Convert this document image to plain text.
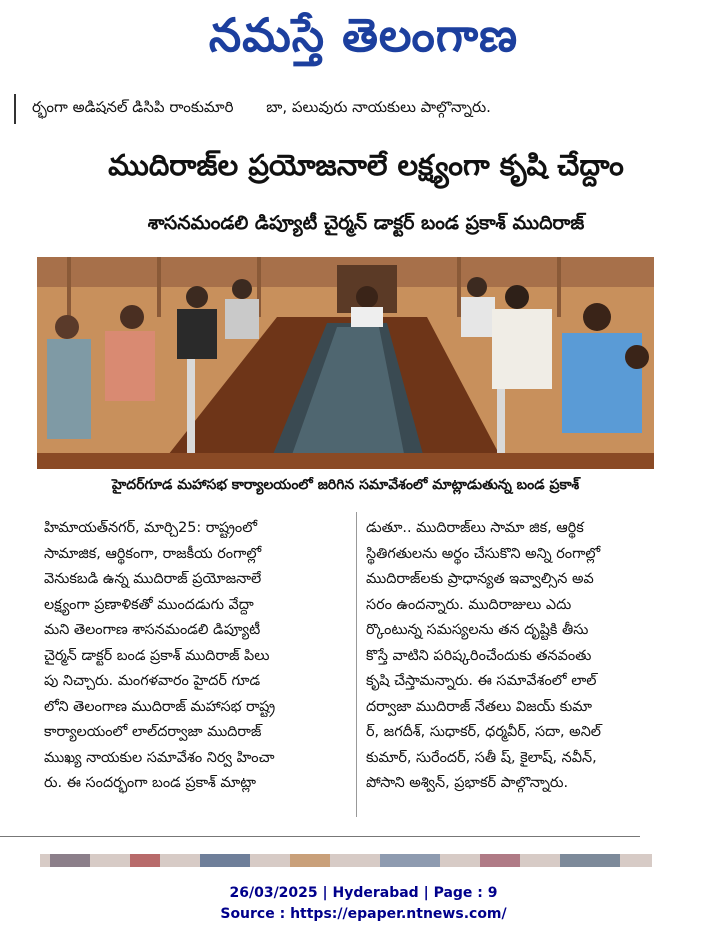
నమస్తే తెలంగాణ
ర్భంగా అడిషనల్ డిసిపి రాంకుమారి బా, పలువురు నాయకులు పాల్గొన్నారు.
ముదిరాజ్‌ల ప్రయోజనాలే లక్ష్యంగా కృషి చేద్దాం
శాసనమండలి డిప్యూటీ చైర్మన్ డాక్టర్ బండ ప్రకాశ్ ముదిరాజ్
హైదర్‌గూడ మహాసభ కార్యాలయంలో జరిగిన సమావేశంలో మాట్లాడుతున్న బండ ప్రకాశ్
హిమాయత్‌నగర్, మార్చి25: రాష్ట్రంలో
సామాజిక, ఆర్థికంగా, రాజకీయ రంగాల్లో
వెనుకబడి ఉన్న ముదిరాజ్ ప్రయోజనాలే
లక్ష్యంగా ప్రణాళికతో ముందడుగు వేద్దా
మని తెలంగాణ శాసనమండలి డిప్యూటీ
చైర్మన్ డాక్టర్ బండ ప్రకాశ్ ముదిరాజ్ పిలు
పు నిచ్చారు. మంగళవారం హైదర్ గూడ
లోని తెలంగాణ ముదిరాజ్ మహాసభ రాష్ట్ర
కార్యాలయంలో లాల్‌దర్వాజా ముదిరాజ్
ముఖ్య నాయకుల సమావేశం నిర్వ హించా
రు. ఈ సందర్భంగా బండ ప్రకాశ్ మాట్లా
డుతూ.. ముదిరాజ్‌లు సామా జిక, ఆర్థిక
స్థితిగతులను అర్థం చేసుకొని అన్ని రంగాల్లో
ముదిరాజ్‌లకు ప్రాధాన్యత ఇవ్వాల్సిన అవ
సరం ఉందన్నారు. ముదిరాజులు ఎదు
ర్కొంటున్న సమస్యలను తన దృష్టికి తీసు
కొస్తే వాటిని పరిష్కరించేందుకు తనవంతు
కృషి చేస్తామన్నారు. ఈ సమావేశంలో లాల్
దర్వాజా ముదిరాజ్ నేతలు విజయ్ కుమా
ర్, జగదీశ్, సుధాకర్, ధర్మవీర్, సదా, అనిల్
కుమార్, సురేందర్, సతీ ష్, కైలాష్, నవీన్,
పోసాని అశ్విన్, ప్రభాకర్ పాల్గొన్నారు.
26/03/2025 | Hyderabad | Page : 9
Source : https://epaper.ntnews.com/
